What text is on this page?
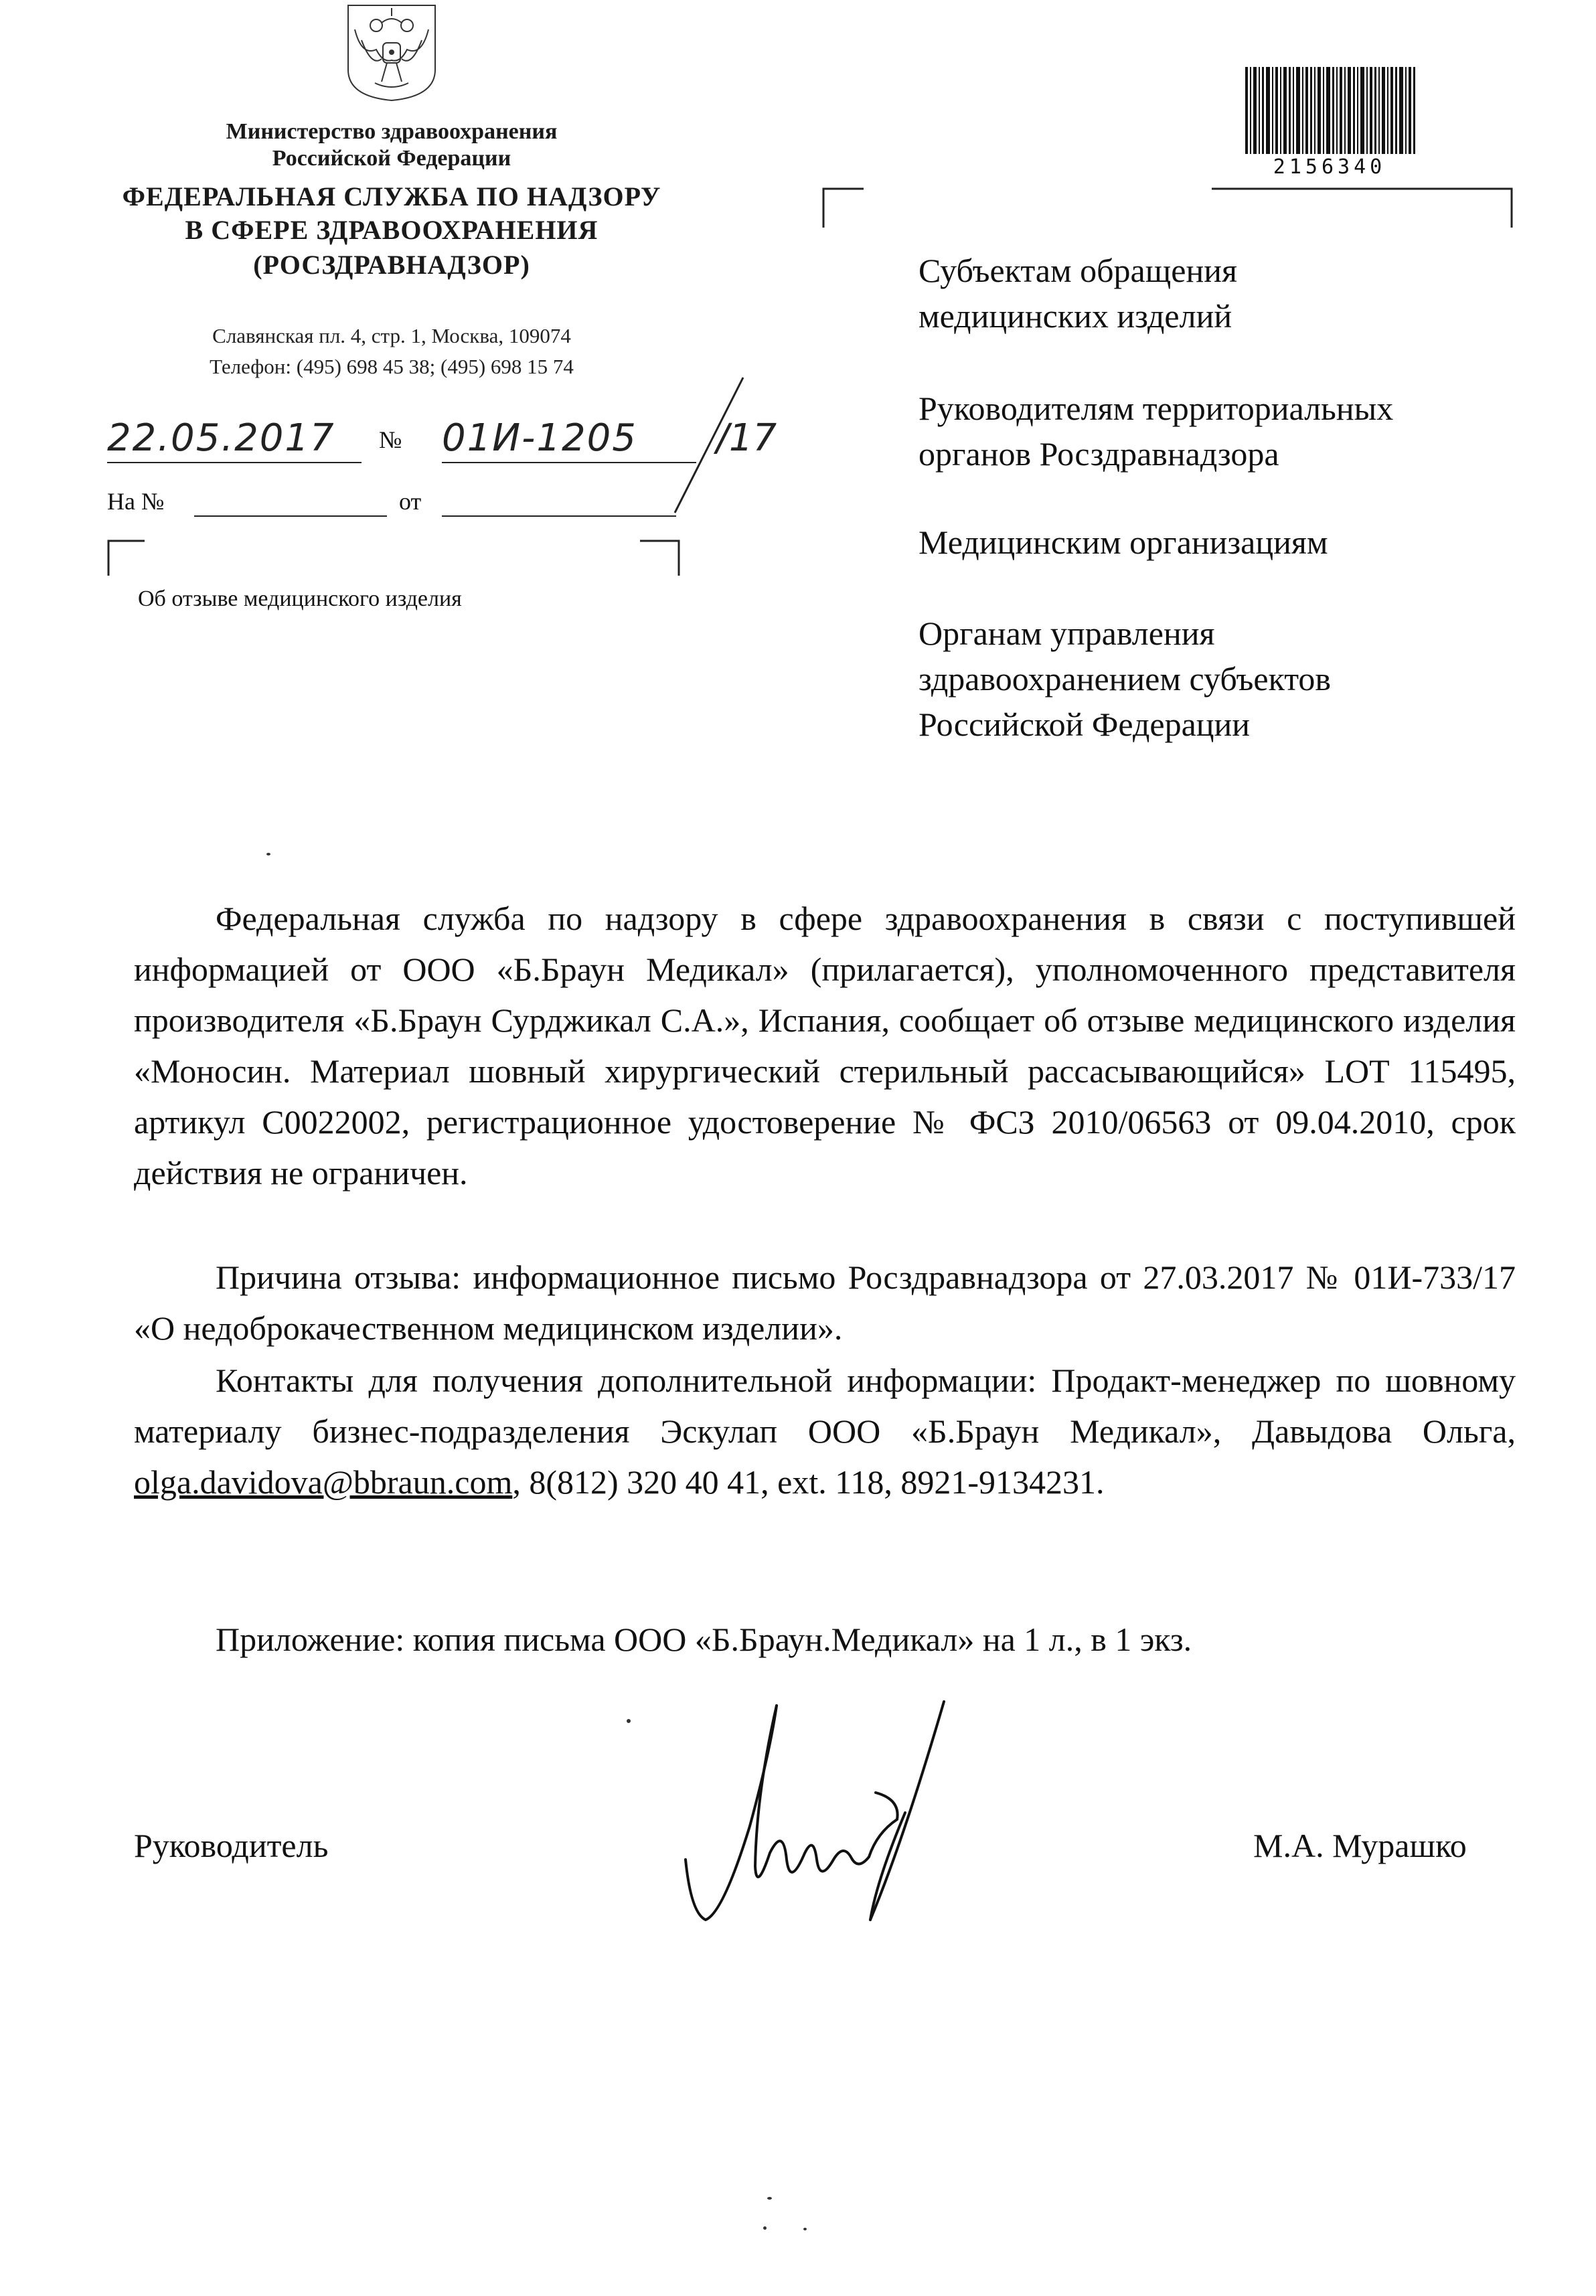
Министерство здравоохранения
Российской Федерации
ФЕДЕРАЛЬНАЯ СЛУЖБА ПО НАДЗОРУ
В СФЕРЕ ЗДРАВООХРАНЕНИЯ
(РОСЗДРАВНАДЗОР)
Славянская пл. 4, стр. 1, Москва, 109074
Телефон: (495) 698 45 38; (495) 698 15 74
22.05.2017 № 01И-1205 /17
На №	от
Об отзыве медицинского изделия
2156340
Субъектам обращения
медицинских изделий
Руководителям территориальных
органов Росздравнадзора
Медицинским организациям
Органам управления
здравоохранением субъектов
Российской Федерации
Федеральная служба по надзору в сфере здравоохранения в связи с поступившей информацией от ООО «Б.Браун Медикал» (прилагается), уполномоченного представителя производителя «Б.Браун Сурджикал С.А.», Испания, сообщает об отзыве медицинского изделия «Моносин. Материал шовный хирургический стерильный рассасывающийся» LOT 115495, артикул С0022002, регистрационное удостоверение № ФСЗ 2010/06563 от 09.04.2010, срок действия не ограничен.
Причина отзыва: информационное письмо Росздравнадзора от 27.03.2017 № 01И-733/17 «О недоброкачественном медицинском изделии».
Контакты для получения дополнительной информации: Продакт-менеджер по шовному материалу бизнес-подразделения Эскулап ООО «Б.Браун Медикал», Давыдова Ольга, olga.davidova@bbraun.com, 8(812) 320 40 41, ext. 118, 8921-9134231.
Приложение: копия письма ООО «Б.Браун.Медикал» на 1 л., в 1 экз.
Руководитель	М.А. Мурашко
